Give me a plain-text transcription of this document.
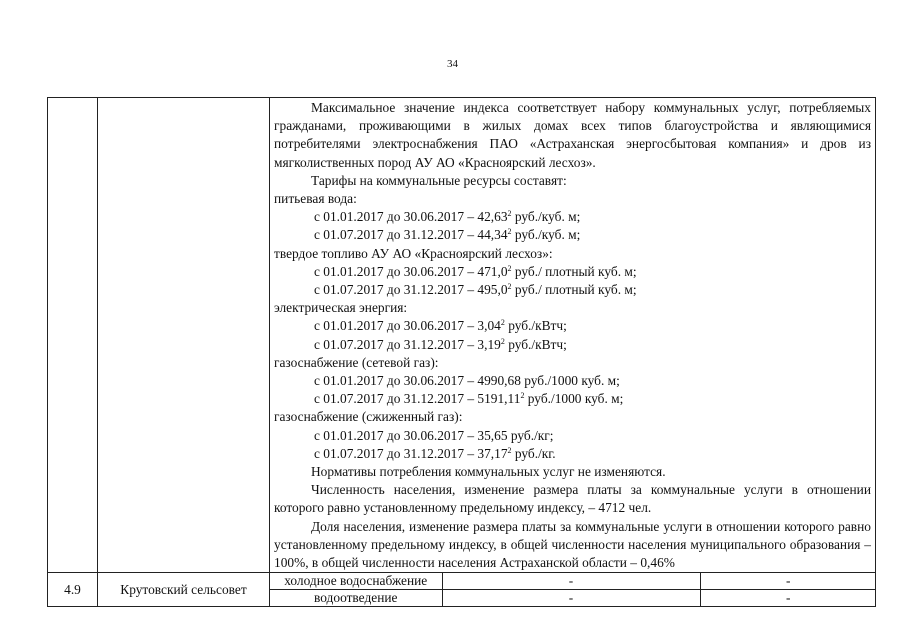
34

Максимальное значение индекса соответствует набору коммунальных услуг, потребляемых гражданами, проживающими в жилых домах всех типов благоустройства и являющимися потребителями электроснабжения ПАО «Астраханская энергосбытовая компания» и дров из мягколиственных пород АУ АО «Красноярский лесхоз».
Тарифы на коммунальные ресурсы составят:
питьевая вода:
с 01.01.2017 до 30.06.2017 – 42,63$^2$ руб./куб. м;
с 01.07.2017 до 31.12.2017 – 44,34$^2$ руб./куб. м;
твердое топливо АУ АО «Красноярский лесхоз»:
с 01.01.2017 до 30.06.2017 – 471,0$^2$ руб./ плотный куб. м;
с 01.07.2017 до 31.12.2017 – 495,0$^2$ руб./ плотный куб. м;
электрическая энергия:
с 01.01.2017 до 30.06.2017 – 3,04$^2$ руб./кВтч;
с 01.07.2017 до 31.12.2017 – 3,19$^2$ руб./кВтч;
газоснабжение (сетевой газ):
с 01.01.2017 до 30.06.2017 – 4990,68 руб./1000 куб. м;
с 01.07.2017 до 31.12.2017 – 5191,11$^2$ руб./1000 куб. м;
газоснабжение (сжиженный газ):
с 01.01.2017 до 30.06.2017 – 35,65 руб./кг;
с 01.07.2017 до 31.12.2017 – 37,17$^2$ руб./кг.
Нормативы потребления коммунальных услуг не изменяются.
Численность населения, изменение размера платы за коммунальные услуги в отношении которого равно установленному предельному индексу, – 4712 чел.
Доля населения, изменение размера платы за коммунальные услуги в отношении которого равно установленному предельному индексу, в общей численности населения муниципального образования – 100%, в общей численности населения Астраханской области – 0,46%

4.9	Крутовский сельсовет	
холодное водоснабжение	-	-
водоотведение	-	-
